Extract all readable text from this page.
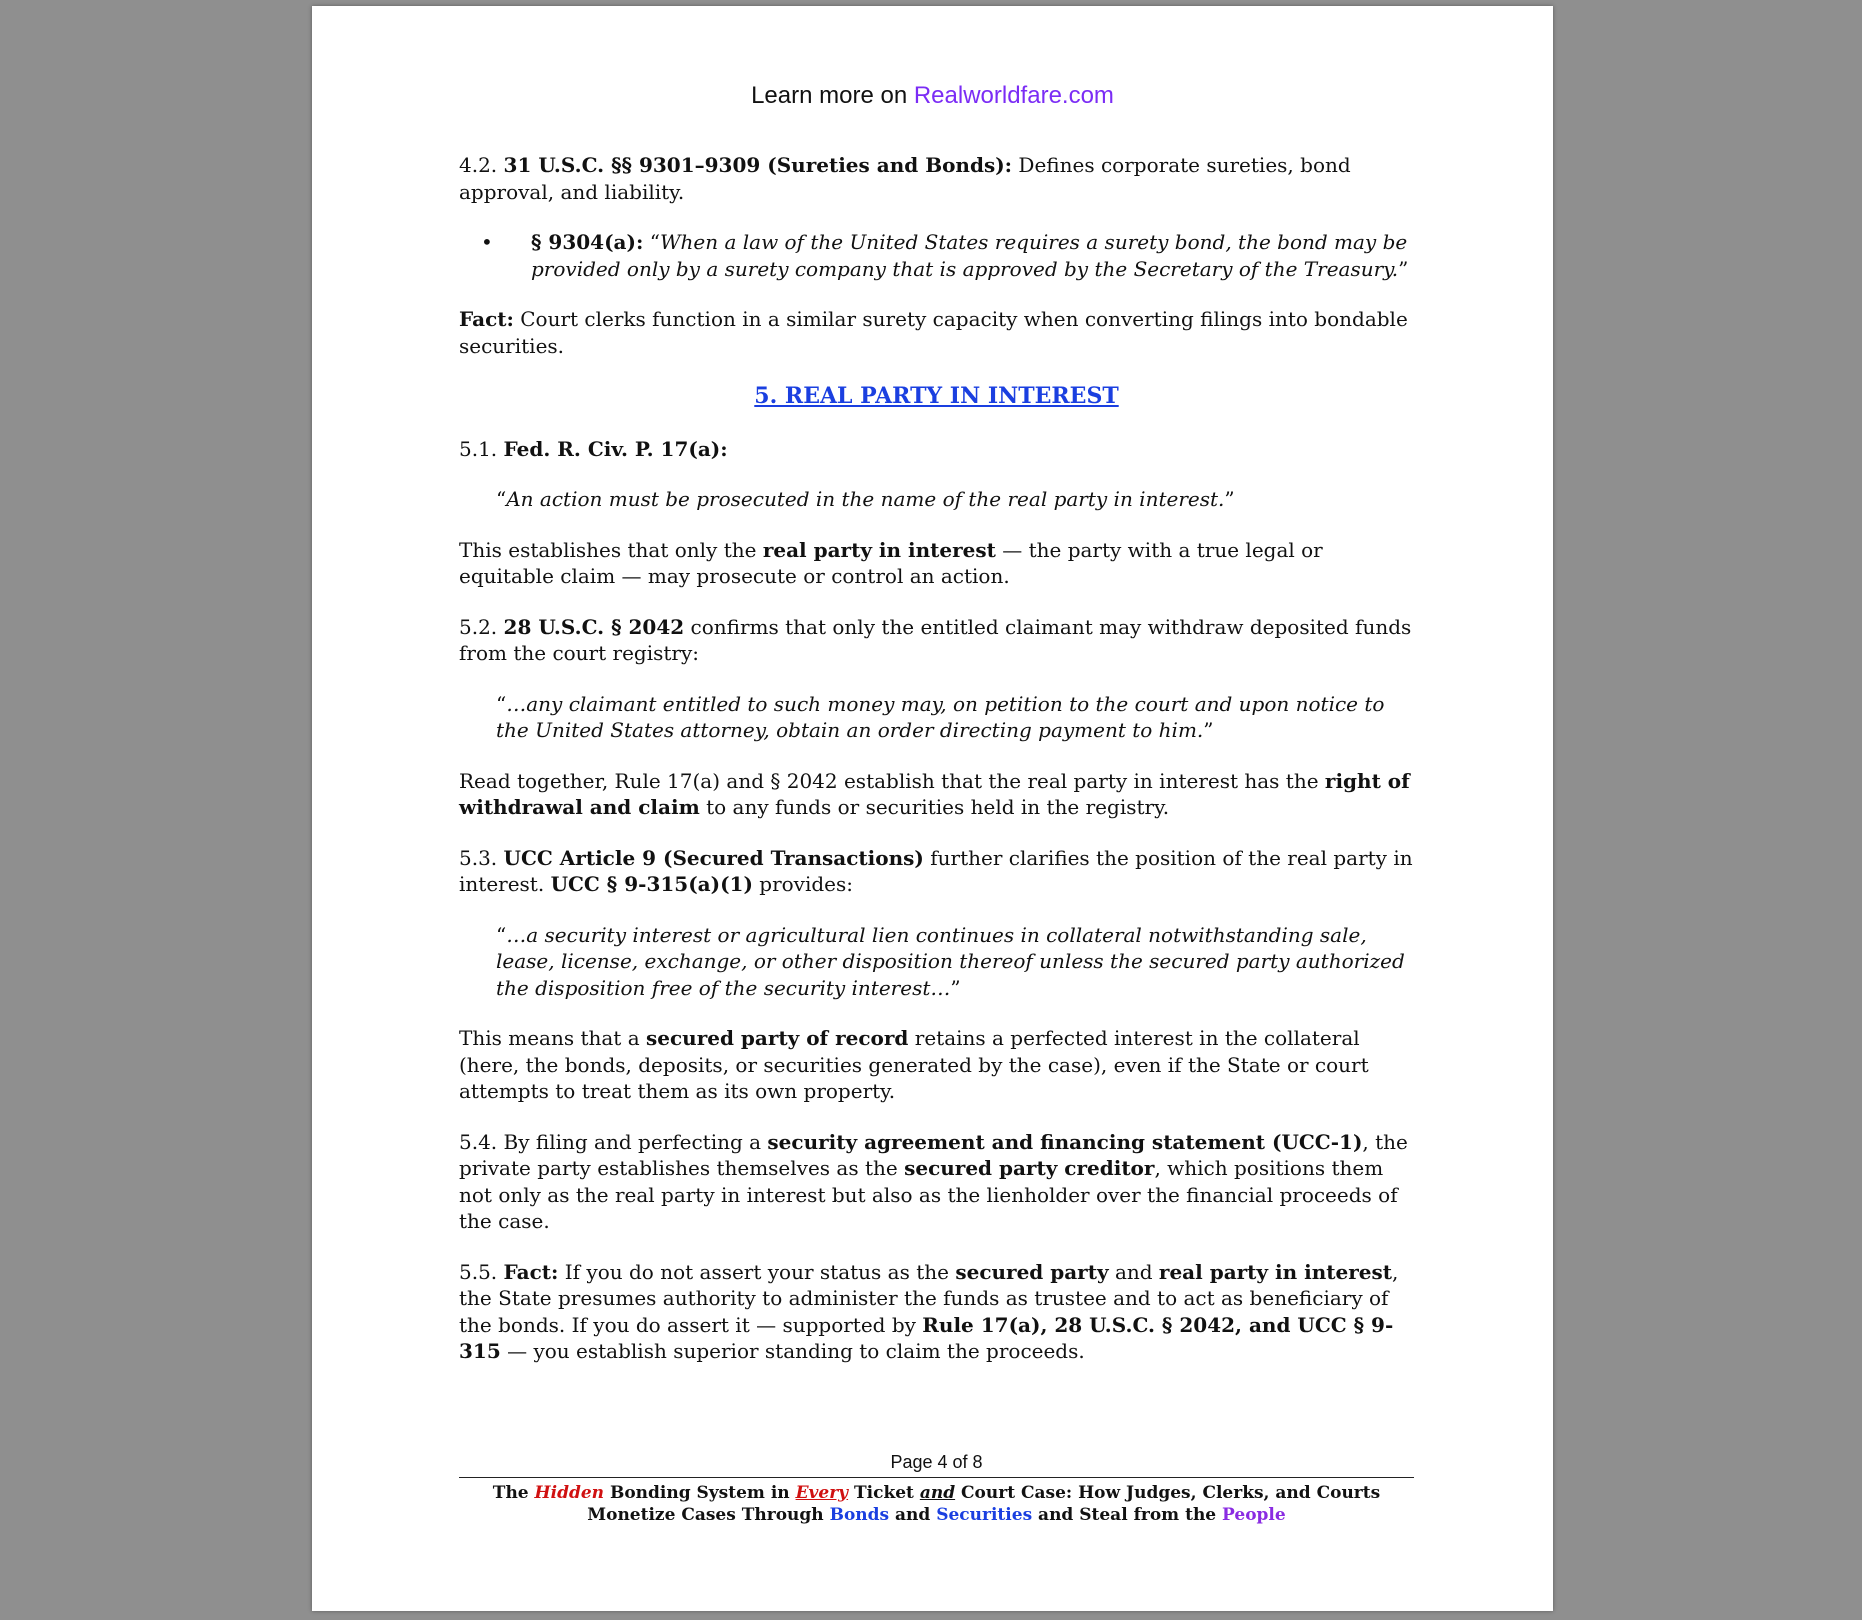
Learn more on Realworldfare.com

4.2. 31 U.S.C. §§ 9301–9309 (Sureties and Bonds): Defines corporate sureties, bond approval, and liability.

• § 9304(a): “When a law of the United States requires a surety bond, the bond may be provided only by a surety company that is approved by the Secretary of the Treasury.”

Fact: Court clerks function in a similar surety capacity when converting filings into bondable securities.

5. REAL PARTY IN INTEREST

5.1. Fed. R. Civ. P. 17(a):

“An action must be prosecuted in the name of the real party in interest.”

This establishes that only the real party in interest — the party with a true legal or equitable claim — may prosecute or control an action.

5.2. 28 U.S.C. § 2042 confirms that only the entitled claimant may withdraw deposited funds from the court registry:

“…any claimant entitled to such money may, on petition to the court and upon notice to the United States attorney, obtain an order directing payment to him.”

Read together, Rule 17(a) and § 2042 establish that the real party in interest has the right of withdrawal and claim to any funds or securities held in the registry.

5.3. UCC Article 9 (Secured Transactions) further clarifies the position of the real party in interest. UCC § 9-315(a)(1) provides:

“…a security interest or agricultural lien continues in collateral notwithstanding sale, lease, license, exchange, or other disposition thereof unless the secured party authorized the disposition free of the security interest…”

This means that a secured party of record retains a perfected interest in the collateral (here, the bonds, deposits, or securities generated by the case), even if the State or court attempts to treat them as its own property.

5.4. By filing and perfecting a security agreement and financing statement (UCC-1), the private party establishes themselves as the secured party creditor, which positions them not only as the real party in interest but also as the lienholder over the financial proceeds of the case.

5.5. Fact: If you do not assert your status as the secured party and real party in interest, the State presumes authority to administer the funds as trustee and to act as beneficiary of the bonds. If you do assert it — supported by Rule 17(a), 28 U.S.C. § 2042, and UCC § 9-315 — you establish superior standing to claim the proceeds.

Page 4 of 8
The Hidden Bonding System in Every Ticket and Court Case: How Judges, Clerks, and Courts Monetize Cases Through Bonds and Securities and Steal from the People
